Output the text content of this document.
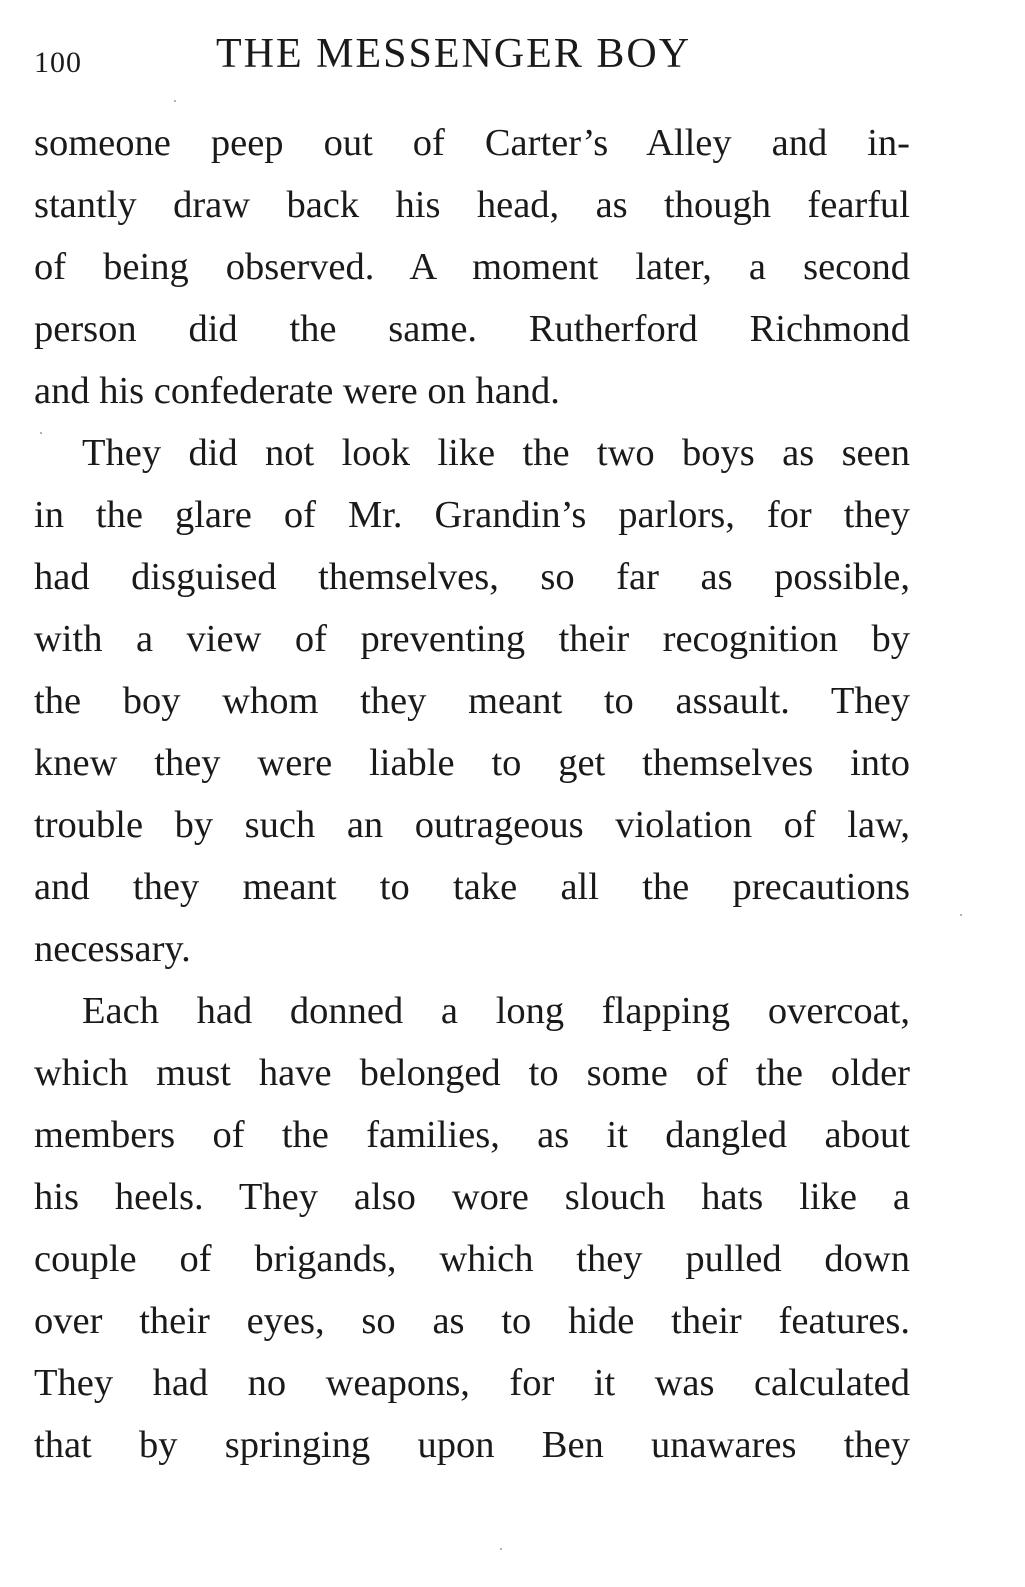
100	THE MESSENGER BOY
someone peep out of Carter’s Alley and in-
stantly draw back his head, as though fearful
of being observed. A moment later, a second
person did the same. Rutherford Richmond
and his confederate were on hand.
They did not look like the two boys as seen
in the glare of Mr. Grandin’s parlors, for they
had disguised themselves, so far as possible,
with a view of preventing their recognition by
the boy whom they meant to assault. They
knew they were liable to get themselves into
trouble by such an outrageous violation of law,
and they meant to take all the precautions
necessary.
Each had donned a long flapping overcoat,
which must have belonged to some of the older
members of the families, as it dangled about
his heels. They also wore slouch hats like a
couple of brigands, which they pulled down
over their eyes, so as to hide their features.
They had no weapons, for it was calculated
that by springing upon Ben unawares they
